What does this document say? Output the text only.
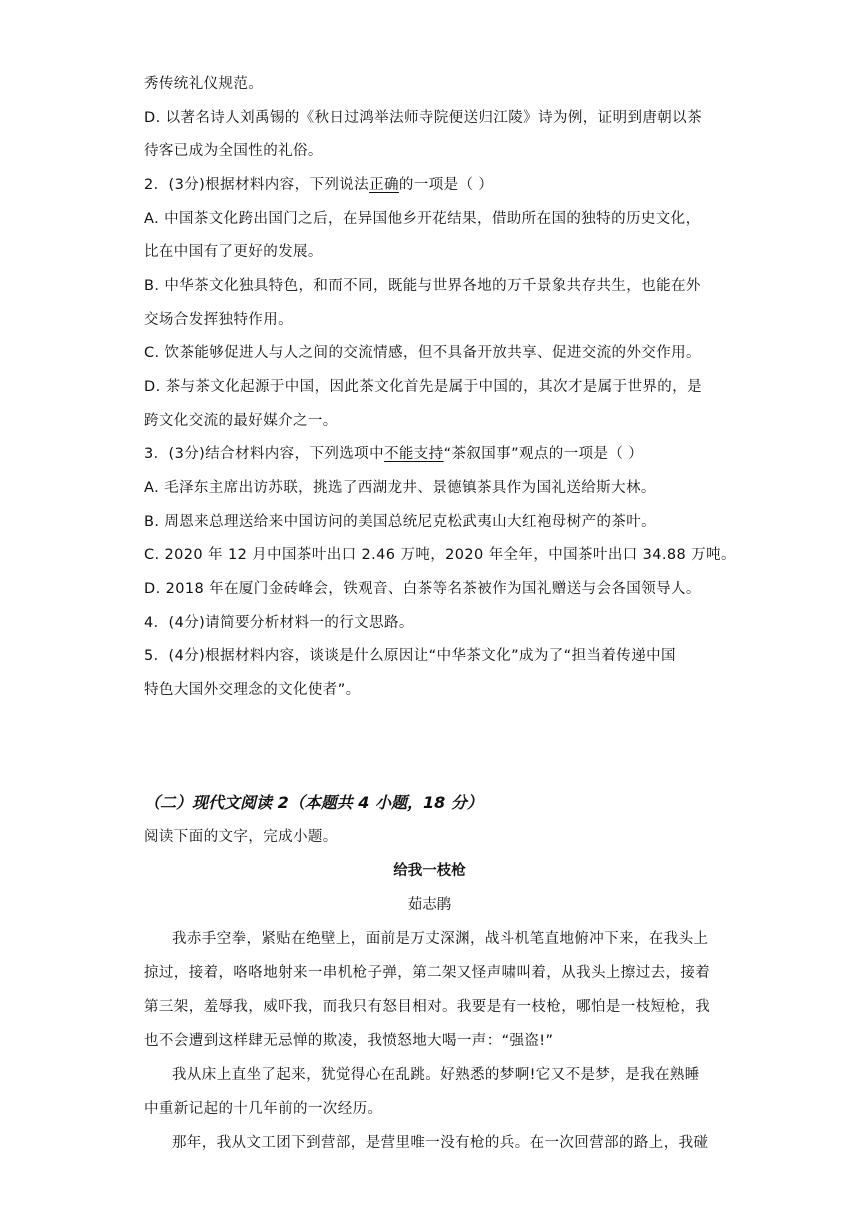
秀传统礼仪规范。
D. 以著名诗人刘禹锡的《秋日过鸿举法师寺院便送归江陵》诗为例，证明到唐朝以茶
待客已成为全国性的礼俗。
2．(3分)根据材料内容，下列说法正确的一项是（ ）
A. 中国茶文化跨出国门之后，在异国他乡开花结果，借助所在国的独特的历史文化，
比在中国有了更好的发展。
B. 中华茶文化独具特色，和而不同，既能与世界各地的万千景象共存共生，也能在外
交场合发挥独特作用。
C. 饮茶能够促进人与人之间的交流情感，但不具备开放共享、促进交流的外交作用。
D. 茶与茶文化起源于中国，因此茶文化首先是属于中国的，其次才是属于世界的，是
跨文化交流的最好媒介之一。
3．(3分)结合材料内容，下列选项中不能支持“茶叙国事”观点的一项是（ ）
A. 毛泽东主席出访苏联，挑选了西湖龙井、景德镇茶具作为国礼送给斯大林。
B. 周恩来总理送给来中国访问的美国总统尼克松武夷山大红袍母树产的茶叶。
C. 2020 年 12 月中国茶叶出口 2.46 万吨，2020 年全年，中国茶叶出口 34.88 万吨。
D. 2018 年在厦门金砖峰会，铁观音、白茶等名茶被作为国礼赠送与会各国领导人。
4．(4分)请简要分析材料一的行文思路。
5．(4分)根据材料内容，谈谈是什么原因让“中华茶文化”成为了“担当着传递中国
特色大国外交理念的文化使者”。
（二）现代文阅读 2（本题共 4 小题，18 分）
阅读下面的文字，完成小题。
给我一枝枪
茹志鹃
我赤手空拳，紧贴在绝壁上，面前是万丈深渊，战斗机笔直地俯冲下来，在我头上
掠过，接着，咯咯地射来一串机枪子弹，第二架又怪声啸叫着，从我头上擦过去，接着
第三架，羞辱我，威吓我，而我只有怒目相对。我要是有一枝枪，哪怕是一枝短枪，我
也不会遭到这样肆无忌惮的欺凌，我愤怒地大喝一声：“强盗!”
我从床上直坐了起来，犹觉得心在乱跳。好熟悉的梦啊!它又不是梦，是我在熟睡
中重新记起的十几年前的一次经历。
那年，我从文工团下到营部，是营里唯一没有枪的兵。在一次回营部的路上，我碰
